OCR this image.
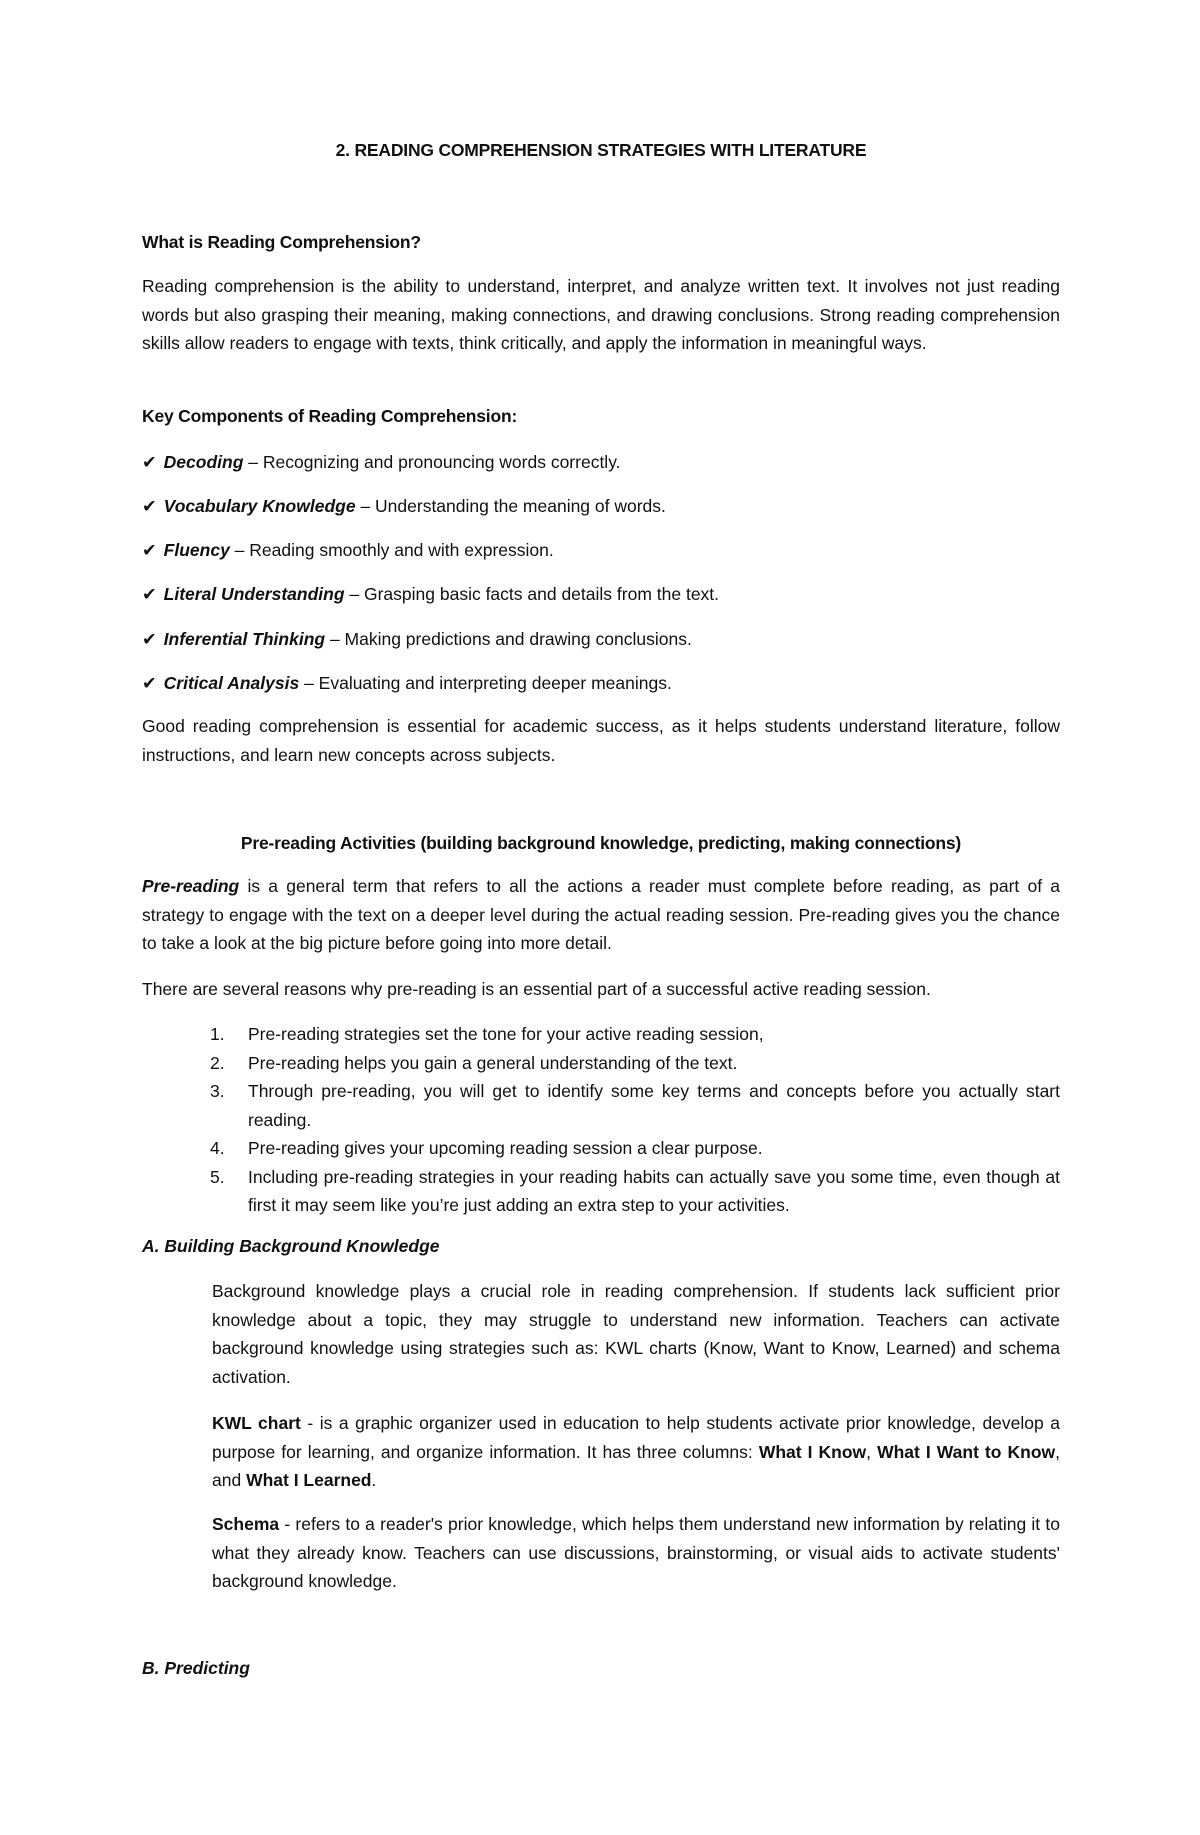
2. READING COMPREHENSION STRATEGIES WITH LITERATURE
What is Reading Comprehension?

Reading comprehension is the ability to understand, interpret, and analyze written text. It involves not just reading words but also grasping their meaning, making connections, and drawing conclusions. Strong reading comprehension skills allow readers to engage with texts, think critically, and apply the information in meaningful ways.

Key Components of Reading Comprehension:
✔ Decoding – Recognizing and pronouncing words correctly.
✔ Vocabulary Knowledge – Understanding the meaning of words.
✔ Fluency – Reading smoothly and with expression.
✔ Literal Understanding – Grasping basic facts and details from the text.
✔ Inferential Thinking – Making predictions and drawing conclusions.
✔ Critical Analysis – Evaluating and interpreting deeper meanings.

Good reading comprehension is essential for academic success, as it helps students understand literature, follow instructions, and learn new concepts across subjects.

Pre-reading Activities (building background knowledge, predicting, making connections)

Pre-reading is a general term that refers to all the actions a reader must complete before reading, as part of a strategy to engage with the text on a deeper level during the actual reading session. Pre-reading gives you the chance to take a look at the big picture before going into more detail.

There are several reasons why pre-reading is an essential part of a successful active reading session.

1.	Pre-reading strategies set the tone for your active reading session,
2.	Pre-reading helps you gain a general understanding of the text.
3.	Through pre-reading, you will get to identify some key terms and concepts before you actually start reading.
4.	Pre-reading gives your upcoming reading session a clear purpose.
5.	Including pre-reading strategies in your reading habits can actually save you some time, even though at first it may seem like you’re just adding an extra step to your activities.
A. Building Background Knowledge

Background knowledge plays a crucial role in reading comprehension. If students lack sufficient prior knowledge about a topic, they may struggle to understand new information. Teachers can activate background knowledge using strategies such as: KWL charts (Know, Want to Know, Learned) and schema activation.

KWL chart - is a graphic organizer used in education to help students activate prior knowledge, develop a purpose for learning, and organize information. It has three columns: What I Know, What I Want to Know, and What I Learned.

Schema - refers to a reader's prior knowledge, which helps them understand new information by relating it to what they already know. Teachers can use discussions, brainstorming, or visual aids to activate students' background knowledge.

B. Predicting
